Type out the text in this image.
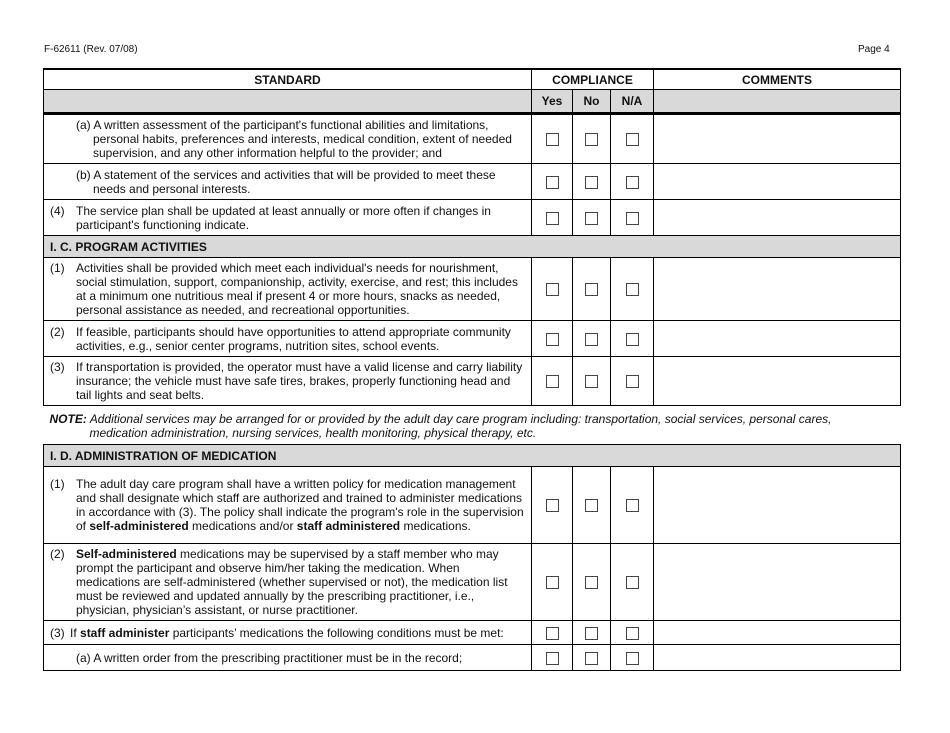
F-62611 (Rev. 07/08)	Page 4
STANDARD	COMPLIANCE			COMMENTS
	Yes	No	N/A	

(a) A written assessment of the participant's functional abilities and limitations, personal habits, preferences and interests, medical condition, extent of needed supervision, and any other information helpful to the provider; and				

(b) A statement of the services and activities that will be provided to meet these needs and personal interests.				

(4) The service plan shall be updated at least annually or more often if changes in participant's functioning indicate.				

I. C. PROGRAM ACTIVITIES				

(1) Activities shall be provided which meet each individual's needs for nourishment, social stimulation, support, companionship, activity, exercise, and rest; this includes at a minimum one nutritious meal if present 4 or more hours, snacks as needed, personal assistance as needed, and recreational opportunities.				

(2) If feasible, participants should have opportunities to attend appropriate community activities, e.g., senior center programs, nutrition sites, school events.				

(3) If transportation is provided, the operator must have a valid license and carry liability insurance; the vehicle must have safe tires, brakes, properly functioning head and tail lights and seat belts.				

NOTE: Additional services may be arranged for or provided by the adult day care program including: transportation, social services, personal cares,
medication administration, nursing services, health monitoring, physical therapy, etc.				

I. D. ADMINISTRATION OF MEDICATION				

(1) The adult day care program shall have a written policy for medication management and shall designate which staff are authorized and trained to administer medications in accordance with (3). The policy shall indicate the program's role in the supervision of self-administered medications and/or staff administered medications.				

(2) Self-administered medications may be supervised by a staff member who may prompt the participant and observe him/her taking the medication. When medications are self-administered (whether supervised or not), the medication list must be reviewed and updated annually by the prescribing practitioner, i.e., physician, physician’s assistant, or nurse practitioner.				

(3) If staff administer participants’ medications the following conditions must be met:				

(a) A written order from the prescribing practitioner must be in the record;				
